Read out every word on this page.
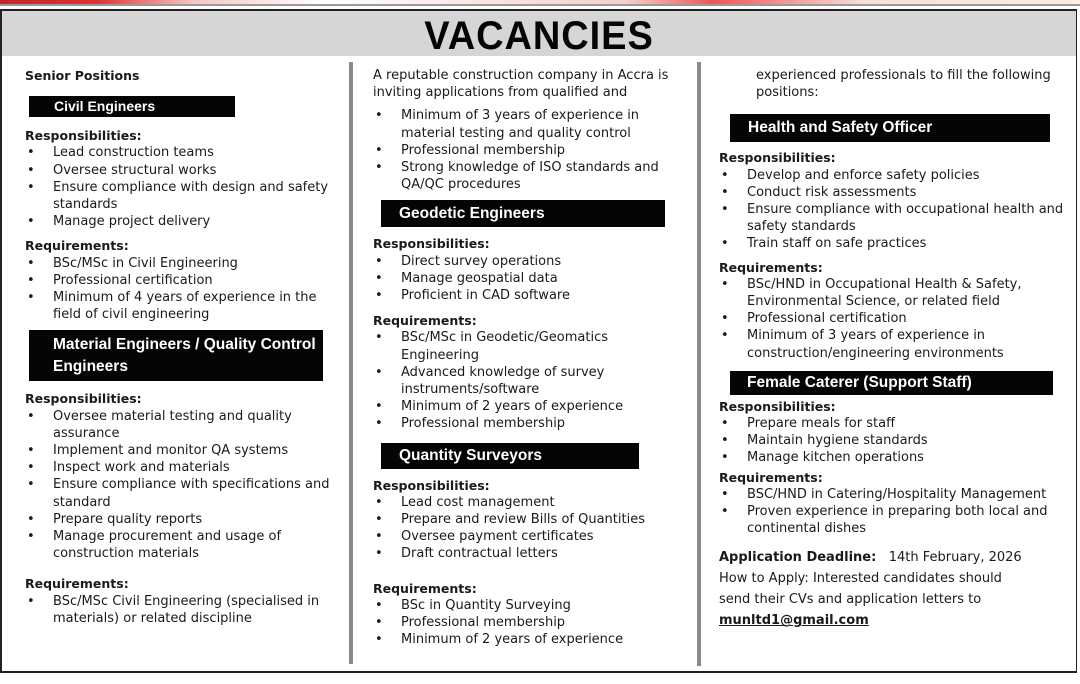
VACANCIES

Senior Positions

Civil Engineers

Responsibilities:

• Lead construction teams
• Oversee structural works
• Ensure compliance with design and safety standards
• Manage project delivery

Requirements:

• BSc/MSc in Civil Engineering
• Professional certification
• Minimum of 4 years of experience in the field of civil engineering
Material Engineers / Quality Control Engineers

Responsibilities:

• Oversee material testing and quality assurance
• Implement and monitor QA systems
• Inspect work and materials
• Ensure compliance with specifications and standard
• Prepare quality reports
• Manage procurement and usage of construction materials

Requirements:

• BSc/MSc Civil Engineering (specialised in materials) or related discipline

A reputable construction company in Accra is inviting applications from qualified and

• Minimum of 3 years of experience in material testing and quality control
• Professional membership
• Strong knowledge of ISO standards and QA/QC procedures
Geodetic Engineers

Responsibilities:

• Direct survey operations
• Manage geospatial data
• Proficient in CAD software

Requirements:

• BSc/MSc in Geodetic/Geomatics Engineering
• Advanced knowledge of survey instruments/software
• Minimum of 2 years of experience
• Professional membership
Quantity Surveyors

Responsibilities:

• Lead cost management
• Prepare and review Bills of Quantities
• Oversee payment certificates
• Draft contractual letters

Requirements:

• BSc in Quantity Surveying
• Professional membership
• Minimum of 2 years of experience

experienced professionals to fill the following positions:

Health and Safety Officer

Responsibilities:

• Develop and enforce safety policies
• Conduct risk assessments
• Ensure compliance with occupational health and safety standards
• Train staff on safe practices

Requirements:

• BSc/HND in Occupational Health & Safety, Environmental Science, or related field
• Professional certification
• Minimum of 3 years of experience in construction/engineering environments
Female Caterer (Support Staff)

Responsibilities:

• Prepare meals for staff
• Maintain hygiene standards
• Manage kitchen operations

Requirements:

• BSC/HND in Catering/Hospitality Management
• Proven experience in preparing both local and continental dishes

Application Deadline: 14th February, 2026

How to Apply: Interested candidates should send their CVs and application letters to

munltd1@gmail.com
